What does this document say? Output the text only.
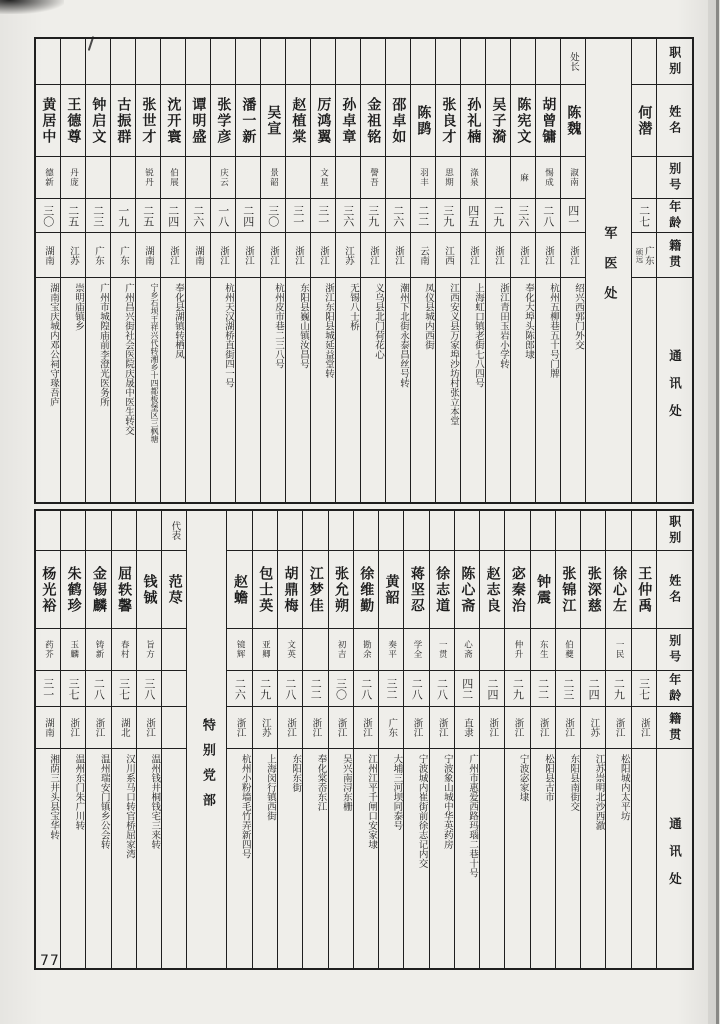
职别
姓名
别号
年龄
籍贯
通讯处
何潜
二七
广东
硕远
军医处
处长
陈魏
淑南
四一
浙江
绍兴西郭门外交
胡曾镛
惕成
二八
浙江
杭州五柳巷五十号门牌
陈宪文
麻
三六
浙江
奉化大埠头陈郎埭
吴子漪
二九
浙江
浙江青田玉岩小学转
孙礼楠
涤泉
四五
浙江
上海虹口镇老街七八四号
张良才
思期
三九
江西
江西安义县万家埠沙坊村张立本堂
陈鹍
羽丰
二二
云南
凤仪县城内西街
邵卓如
二六
浙江
潮州下北街永泰昌丝号转
金祖铭
謦吾
三九
浙江
义乌县北门荷花心
孙卓章
三六
江苏
无锡八士桥
厉鸿翼
文星
三一
浙江
浙江东阳县城延益堂转
赵植棠
三一
浙江
东阳县巍山镇汝昌号
吴宣
景韶
三〇
浙江
杭州皮市巷二三八号
潘一新
二四
浙江
张学彦
庆云
一八
浙江
杭州天汉湖桥直街四一号
谭明盛
二六
湖南
沈开寰
伯展
二四
浙江
奉化县湖镇转栖凤
张世才
锐丹
二五
湖南
宁乡石坝王祥兴代转湘乡十四都板堡区三枫塘
古振群
一九
广东
广州昌兴街社会医院庆晟中医生转交
钟启文
二三
广东
广州市城隍庙前李澄光医务所
王德尊
丹庞
二五
江苏
崇明庙镇乡
黄居中
德新
三〇
湖南
湖南宝庆城内邓公祠守瑑吾庐
职别
姓名
别号
年龄
籍贯
通讯处
王仲禹
三七
浙江
徐心左
一民
二九
浙江
松阳城内太平坊
张深慈
二四
江苏
江苏崇明北沙西澈
张锦江
伯夔
二三
浙江
东阳县南街交
钟震
东生
二二
浙江
松阳县古市
宓秦治
仲升
二九
浙江
宁波宓家埭
赵志良
二四
浙江
陈心斋
心斋
四二
直隶
广州市惠爱西路玛瑙二巷十号
徐志道
一贯
二八
浙江
宁波象山城中华英药房
蒋坚忍
学全
二八
浙江
宁波城内崔街前徐志记内交
黄韶
奏平
三二
广东
大埔三河坝同泰号
徐维勤
勘余
二八
浙江
江州江平千闸口安家埭
张允朔
初吉
三〇
浙江
吴兴南浔东栅
江梦佳
二二
浙江
奉化棠岙东江
胡鼎梅
文英
二八
浙江
东阳东街
包士英
亚卿
二九
江苏
上海闵行镇西街
赵蟾
镜辉
二六
浙江
杭州小粉墙毛竹弄新四号
特别党部
代表
范荩
钱铖
旨方
三八
浙江
温州钱井桐钱宅三来转
屈轶馨
春村
三七
湖北
汉川系马口转官桥屈家湾
金锡麟
铸新
二八
浙江
温州瑞安门镇乡公会转
朱鹤珍
玉麟
三七
浙江
温州东门朱广川转
杨光裕
药芥
三一
湖南
湘荫三井头县宝华转
77
